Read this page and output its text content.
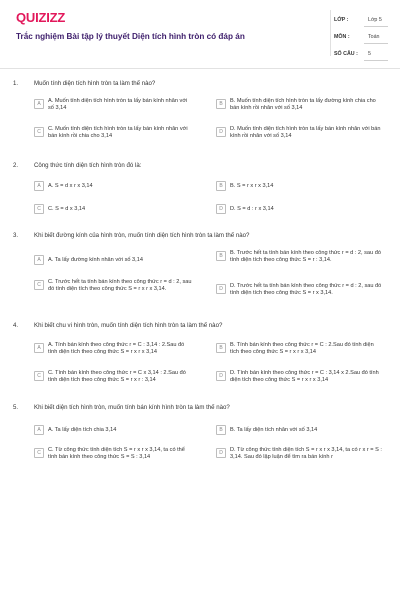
QUIZIZZ
Trắc nghiệm Bài tập lý thuyết Diện tích hình tròn có đáp án
LỚP :	Lớp 5
MÔN :	Toán
SỐ CÂU : 5
1.	Muốn tính diện tích hình tròn ta làm thế nào?
A	A. Muốn tính diện tích hình tròn ta lấy bán kính nhân với số 3,14
B	B. Muốn tính diện tích hình tròn ta lấy đường kính chia cho bán kính rồi nhân với số 3,14
C	C. Muốn tính diện tích hình tròn ta lấy bán kính nhân với bán kính rồi chia cho 3,14
D	D. Muốn tính diện tích hình tròn ta lấy bán kính nhân với bán kính rồi nhân với số 3,14
2.	Công thức tính diện tích hình tròn đó là:
A	A. S = d x r x 3,14	B	B. S = r x r x 3,14
C	C. S = d x 3,14	D	D. S = d : r x 3,14
3.	Khi biết đường kính của hình tròn, muốn tính diện tích hình tròn ta làm thế nào?
A	A. Ta lấy đường kính nhân với số 3,14
B	B. Trước hết ta tính bán kính theo công thức r = d : 2, sau đó tính diện tích theo công thức S = r : 3,14.
C	C. Trước hết ta tính bán kính theo công thức r = d : 2, sau đó tính diện tích theo công thức S = r x r x 3,14.	D	D. Trước hết ta tính bán kính theo công thức r = d : 2, sau đó tính diện tích theo công thức S = r x 3,14.
4.	Khi biết chu vi hình tròn, muốn tính diện tích hình tròn ta làm thế nào?
A	A. Tính bán kính theo công thức r = C : 3,14 : 2.Sau đó tính diện tích theo công thức S = r x r x 3,14
B	B. Tính bán kính theo công thức r = C : 2.Sau đó tính diện tích theo công thức S = r x r x 3,14
C	C. Tính bán kính theo công thức r = C x 3,14 : 2.Sau đó tính diện tích theo công thức S = r x r : 3,14
D	D. Tính bán kính theo công thức r = C : 3,14 x 2.Sau đó tính diện tích theo công thức S = r x r x 3,14
5.	Khi biết diện tích hình tròn, muốn tính bán kính hình tròn ta làm thế nào?
A	A. Ta lấy diện tích chia 3,14	B	B. Ta lấy diện tích nhân với số 3,14
C	C. Từ công thức tính diện tích S = r x r x 3,14, ta có thể tính bán kính theo công thức S = S : 3,14
D	D. Từ công thức tính diện tích S = r x r x 3,14, ta có r x r = S : 3,14. Sau đó lập luận để tìm ra bán kính r
